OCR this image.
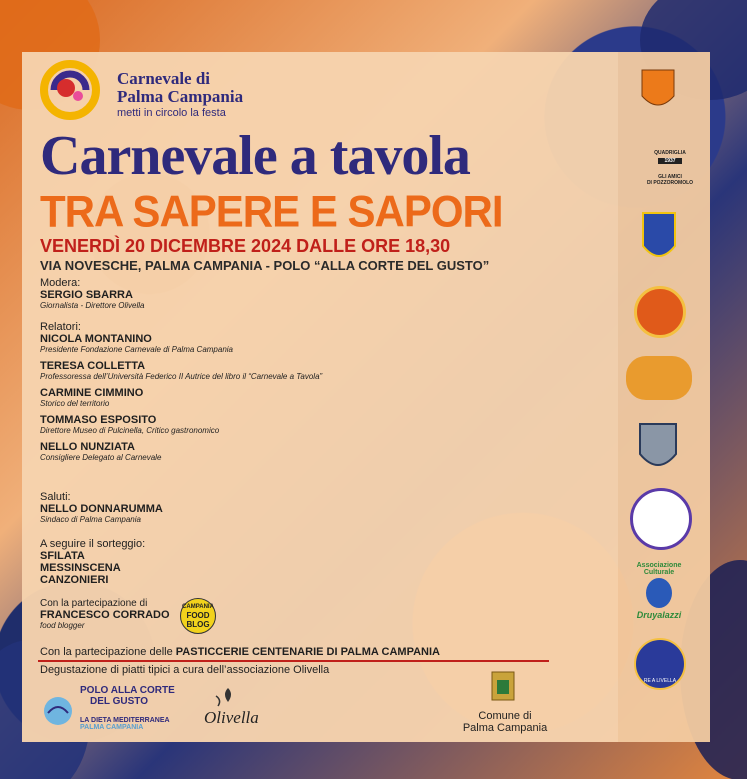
Carnevale di
Palma Campania
metti in circolo la festa
Carnevale a tavola
TRA SAPERE E SAPORI
VENERDÌ 20 DICEMBRE 2024 DALLE ORE 18,30
VIA NOVESCHE, PALMA CAMPANIA - POLO “ALLA CORTE DEL GUSTO”
Modera:
SERGIO SBARRA
Giornalista - Direttore Olivella
Relatori:
NICOLA MONTANINO
Presidente Fondazione Carnevale di Palma Campania
TERESA COLLETTA
Professoressa dell’Università Federico II Autrice del libro il “Carnevale a Tavola”
CARMINE CIMMINO
Storico del territorio
TOMMASO ESPOSITO
Direttore Museo di Pulcinella, Critico gastronomico
NELLO NUNZIATA
Consigliere Delegato al Carnevale
Saluti:
NELLO DONNARUMMA
Sindaco di Palma Campania
A seguire il sorteggio:
SFILATA
MESSINSCENA
CANZONIERI
Con la partecipazione di
FRANCESCO CORRADO
food blogger
CAMPANIA
FOOD
BLOG
Con la partecipazione delle PASTICCERIE CENTENARIE DI PALMA CAMPANIA
Degustazione di piatti tipici a cura dell’associazione Olivella
POLO ALLA CORTE
DEL GUSTO
LA DIETA MEDITERRANEA
PALMA CAMPANIA
Olivella	Comune di
Palma Campania
QUADRIGLIA
1937
GLI AMICI
DI POZZOROMOLO
Associazione
Culturale
Druyalazzi
RE A LIVELLA
